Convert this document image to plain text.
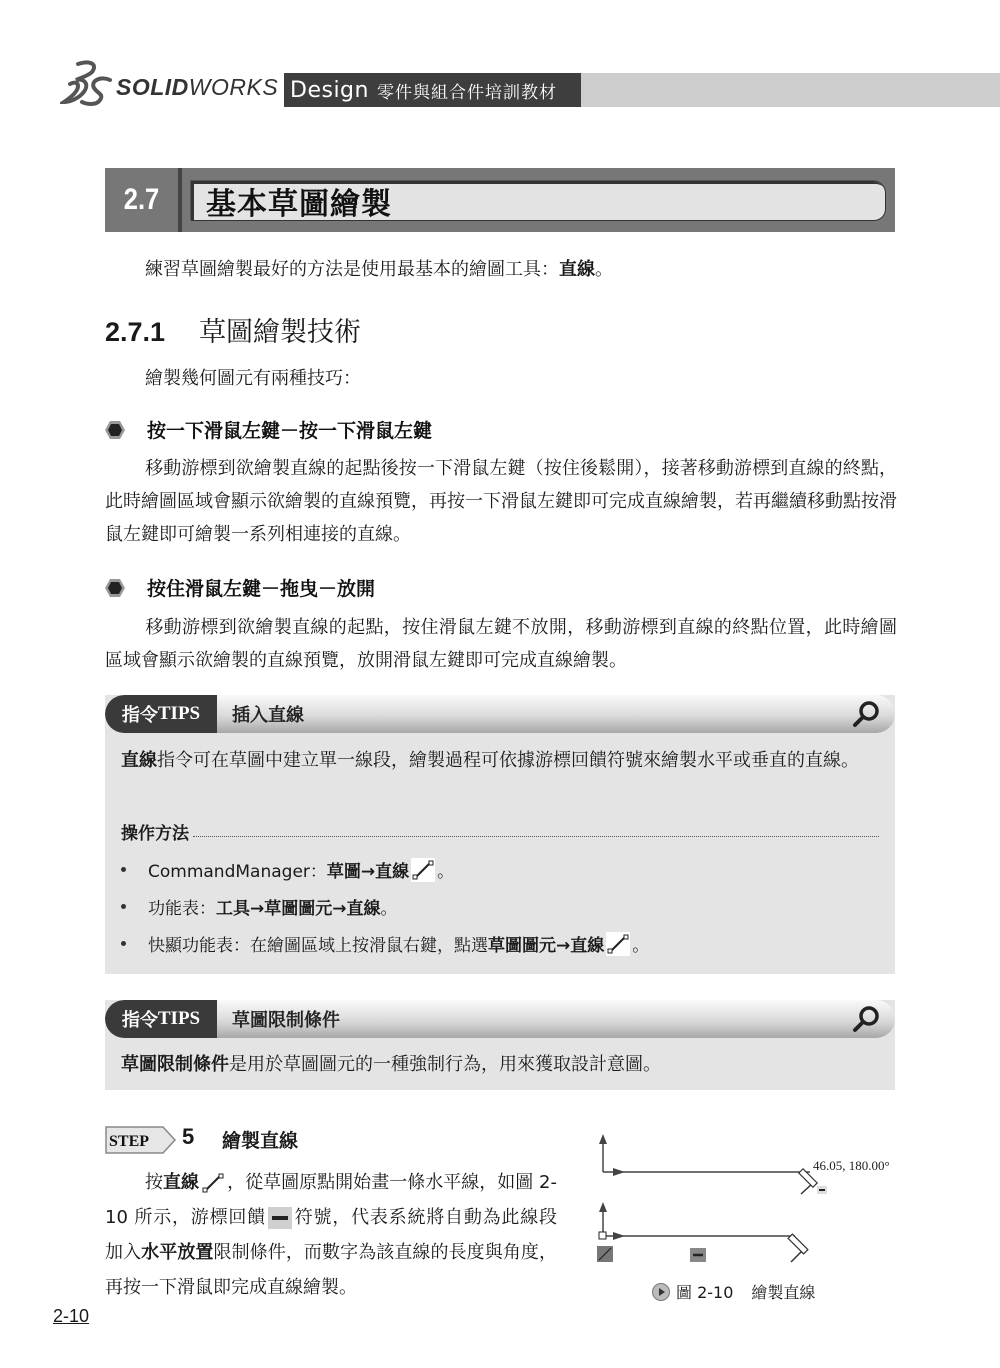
SOLIDWORKS Design 零件與組合件培訓教材
2.7	基本草圖繪製
練習草圖繪製最好的方法是使用最基本的繪圖工具：直線。
2.7.1 草圖繪製技術
繪製幾何圖元有兩種技巧：
按一下滑鼠左鍵－按一下滑鼠左鍵
移動游標到欲繪製直線的起點後按一下滑鼠左鍵（按住後鬆開），接著移動游標到直線的終點，此時繪圖區域會顯示欲繪製的直線預覽，再按一下滑鼠左鍵即可完成直線繪製，若再繼續移動點按滑鼠左鍵即可繪製一系列相連接的直線。
按住滑鼠左鍵－拖曳－放開
移動游標到欲繪製直線的起點，按住滑鼠左鍵不放開，移動游標到直線的終點位置，此時繪圖區域會顯示欲繪製的直線預覽，放開滑鼠左鍵即可完成直線繪製。
指令 TIPS 插入直線
直線指令可在草圖中建立單一線段，繪製過程可依據游標回饋符號來繪製水平或垂直的直線。
操作方法
CommandManager： 草圖→直線 。
功能表： 工具→草圖圖元→直線 。
快顯功能表：在繪圖區域上按滑鼠右鍵，點選 草圖圖元→直線 。
指令 TIPS 草圖限制條件
草圖限制條件是用於草圖圖元的一種強制行為，用來獲取設計意圖。
STEP 5 繪製直線
按直線 ，從草圖原點開始畫一條水平線，如圖 2-10 所示，游標回饋 符號，代表系統將自動為此線段加入水平放置限制條件，而數字為該直線的長度與角度，再按一下滑鼠即完成直線繪製。
46.05, 180.00°
圖 2-10 繪製直線
2-10
